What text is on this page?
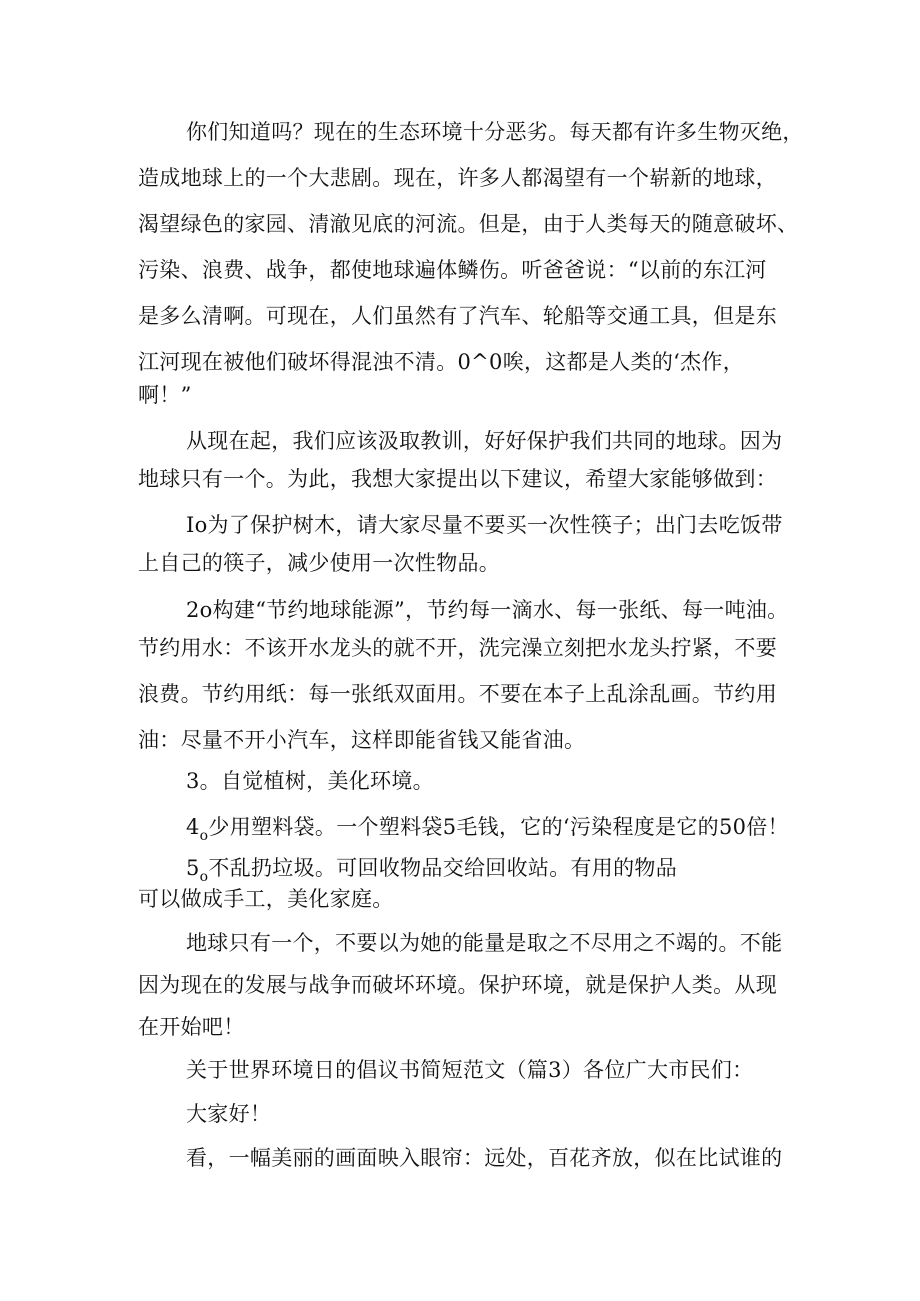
你们知道吗？现在的生态环境十分恶劣。每天都有许多生物灭绝，
造成地球上的一个大悲剧。现在，许多人都渴望有一个崭新的地球，
渴望绿色的家园、清澈见底的河流。但是，由于人类每天的随意破坏、
污染、浪费、战争，都使地球遍体鳞伤。听爸爸说：“以前的东江河
是多么清啊。可现在，人们虽然有了汽车、轮船等交通工具，但是东
江河现在被他们破坏得混浊不清。0^0唉，这都是人类的‘杰作，
啊！”
从现在起，我们应该汲取教训，好好保护我们共同的地球。因为
地球只有一个。为此，我想大家提出以下建议，希望大家能够做到：
Io为了保护树木，请大家尽量不要买一次性筷子；出门去吃饭带
上自己的筷子，减少使用一次性物品。
2o构建“节约地球能源”，节约每一滴水、每一张纸、每一吨油。
节约用水：不该开水龙头的就不开，洗完澡立刻把水龙头拧紧，不要
浪费。节约用纸：每一张纸双面用。不要在本子上乱涂乱画。节约用
油：尽量不开小汽车，这样即能省钱又能省油。
3。自觉植树，美化环境。
$4_o$少用塑料袋。一个塑料袋5毛钱，它的‘污染程度是它的50倍！
$5_o$不乱扔垃圾。可回收物品交给回收站。有用的物品
可以做成手工，美化家庭。
地球只有一个，不要以为她的能量是取之不尽用之不竭的。不能
因为现在的发展与战争而破坏环境。保护环境，就是保护人类。从现
在开始吧！
关于世界环境日的倡议书简短范文（篇3）各位广大市民们：
大家好！
看，一幅美丽的画面映入眼帘：远处，百花齐放，似在比试谁的
